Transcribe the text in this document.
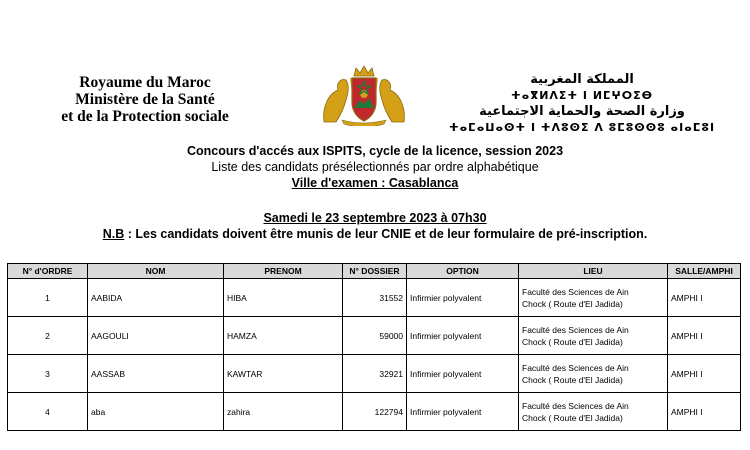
Royaume du Maroc
Ministère de la Santé
et de la Protection sociale
المملكة المغربية
ⵜⴰⴳⵍⴷⵉⵜ ⵏ ⵍⵎⵖⵔⵉⴱ
وزارة الصحة والحماية الاجتماعية
ⵜⴰⵎⴰⵡⴰⵙⵜ ⵏ ⵜⴷⵓⵙⵉ ⴷ ⵓⵎⵓⵙⵙⵓ ⴰⵏⴰⵎⵓⵏ
Concours d'accés aux ISPITS, cycle de la licence, session 2023
Liste des candidats présélectionnés par ordre alphabétique
Ville d'examen : Casablanca
Samedi le 23 septembre 2023 à 07h30
N.B : Les candidats doivent être munis de leur CNIE et de leur formulaire de pré-inscription.
N° d'ORDRE	NOM	PRENOM	N° DOSSIER	OPTION	LIEU	SALLE/AMPHI
1	AABIDA	HIBA	31552	Infirmier polyvalent	Faculté des Sciences de Ain
Chock ( Route d'El Jadida)	AMPHI I
2	AAGOULI	HAMZA	59000	Infirmier polyvalent	Faculté des Sciences de Ain
Chock ( Route d'El Jadida)	AMPHI I
3	AASSAB	KAWTAR	32921	Infirmier polyvalent	Faculté des Sciences de Ain
Chock ( Route d'El Jadida)	AMPHI I
4	aba	zahira	122794	Infirmier polyvalent	Faculté des Sciences de Ain
Chock ( Route d'El Jadida)	AMPHI I
